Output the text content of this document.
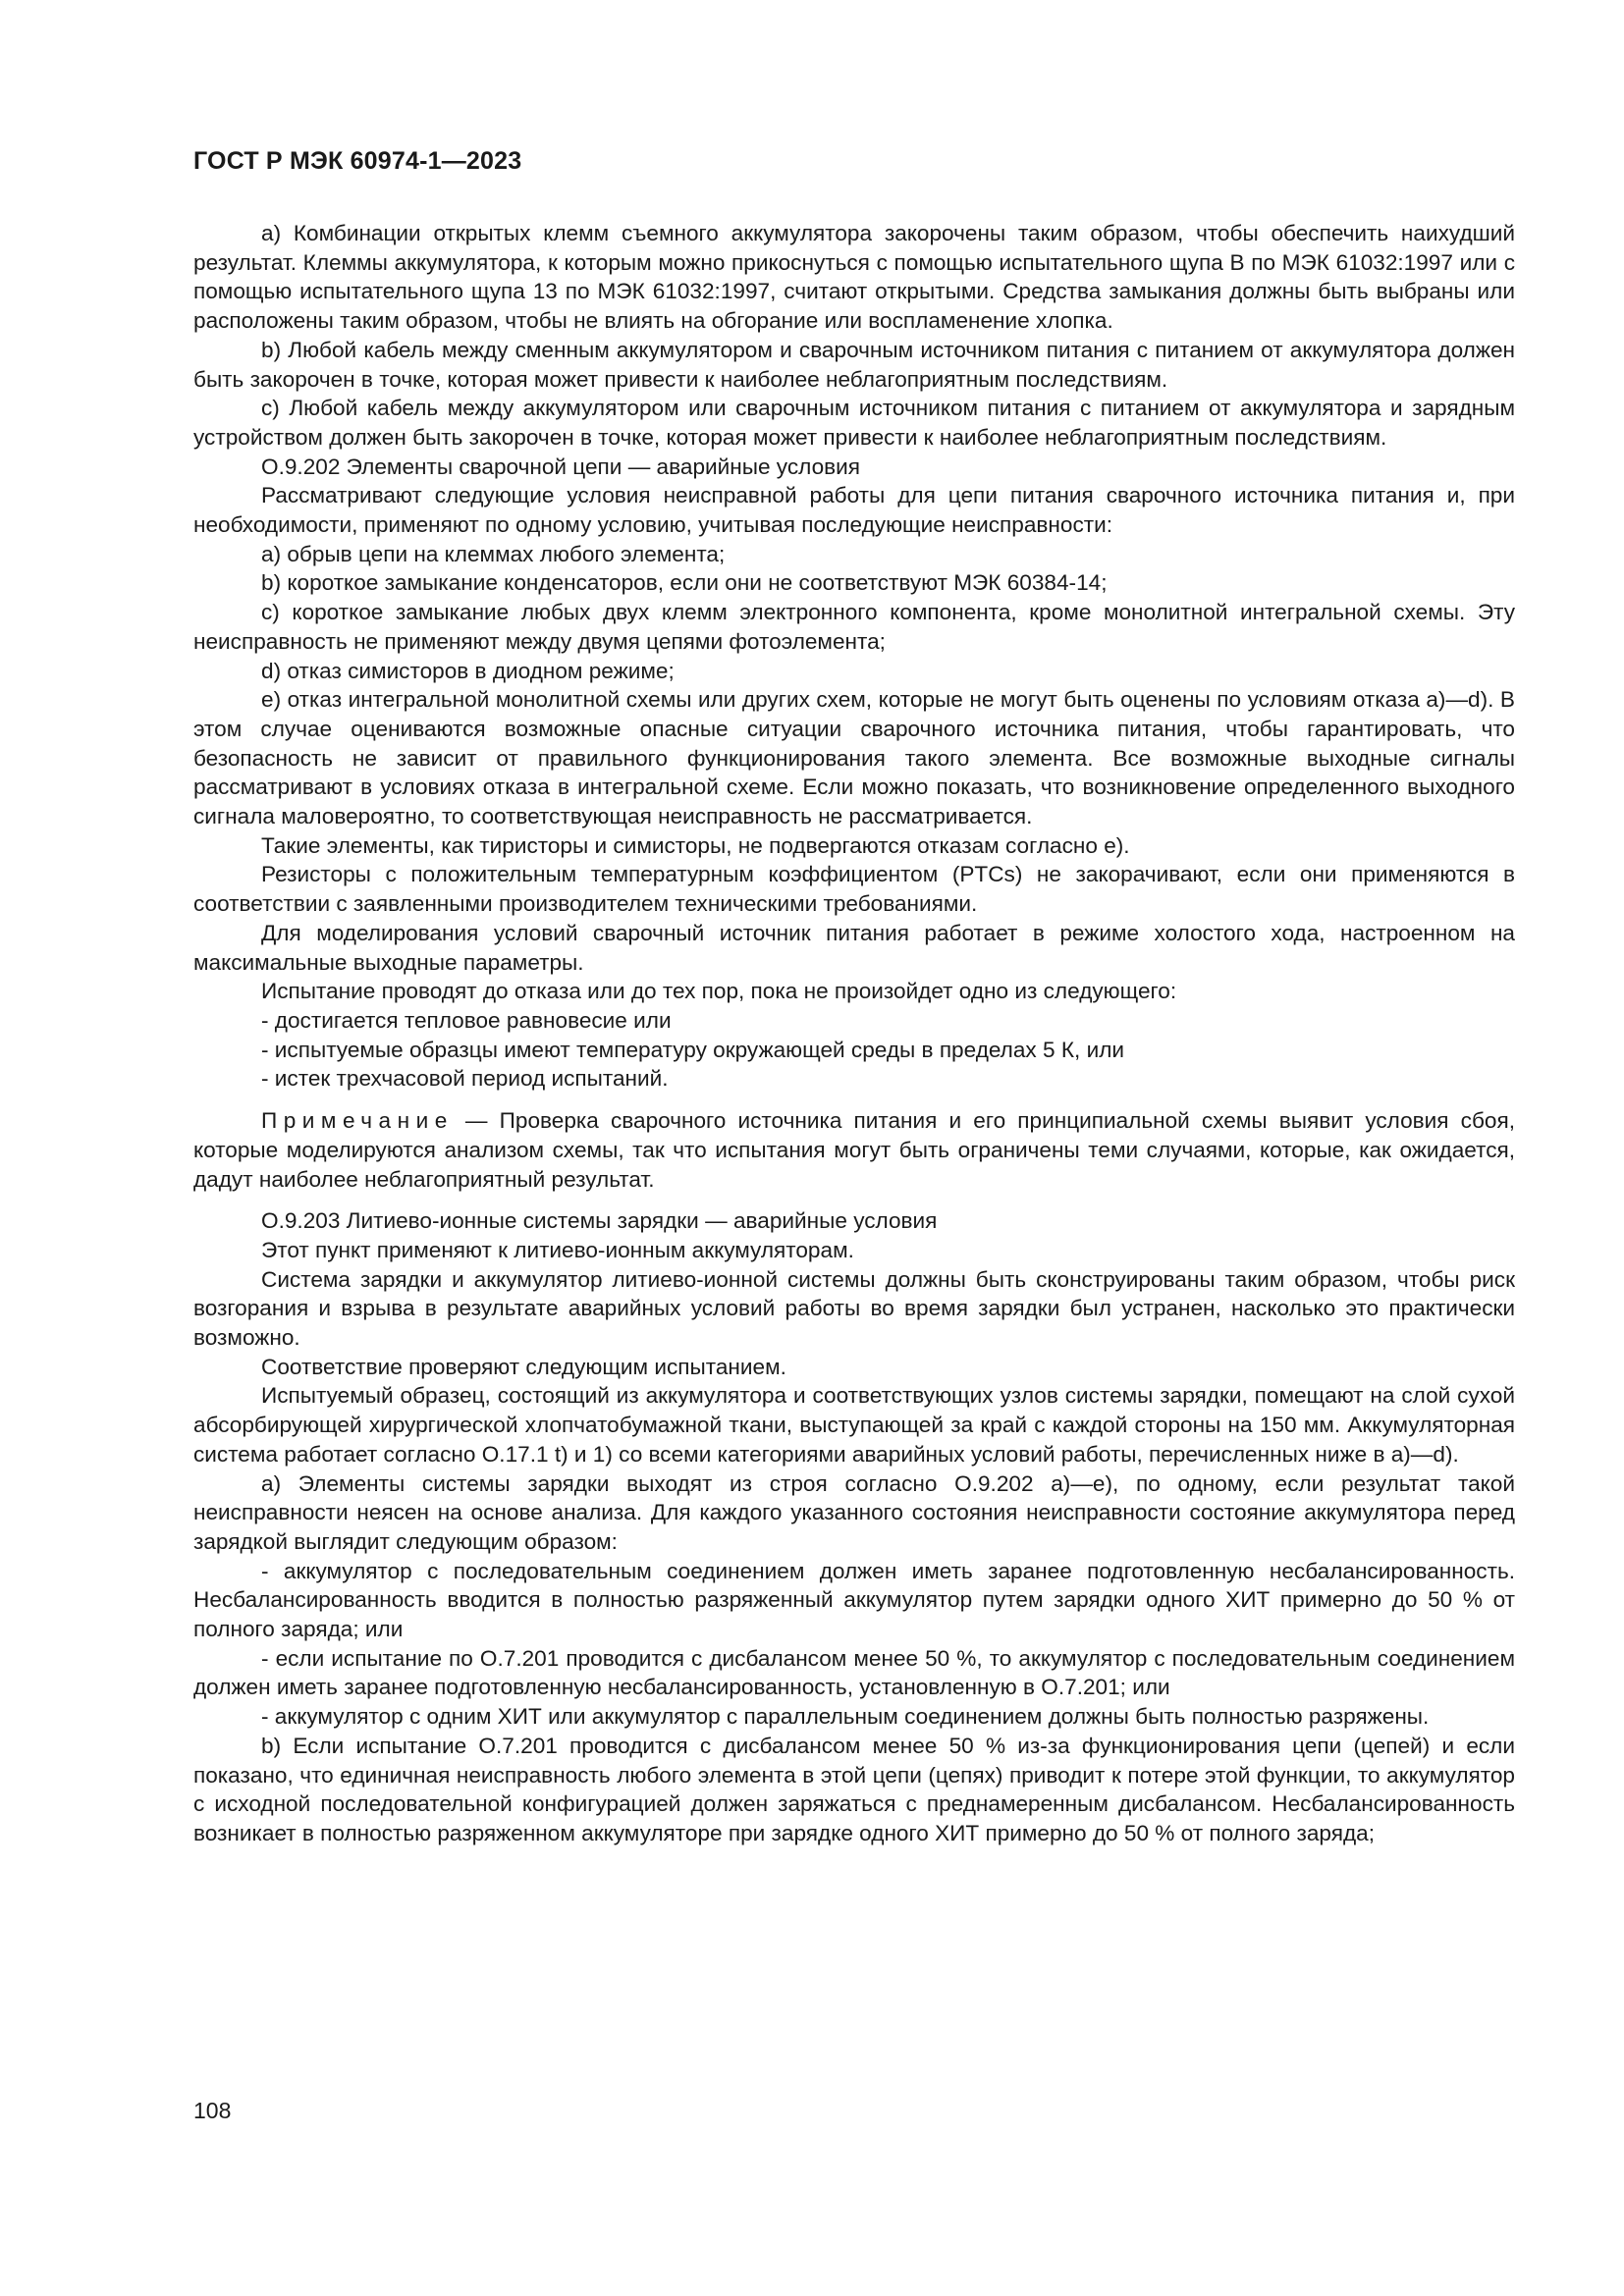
ГОСТ Р МЭК 60974-1—2023

а) Комбинации открытых клемм съемного аккумулятора закорочены таким образом, чтобы обеспечить наихудший результат. Клеммы аккумулятора, к которым можно прикоснуться с помощью испытательного щупа В по МЭК 61032:1997 или с помощью испытательного щупа 13 по МЭК 61032:1997, считают открытыми. Средства замыкания должны быть выбраны или расположены таким образом, чтобы не влиять на обгорание или воспламенение хлопка.

b) Любой кабель между сменным аккумулятором и сварочным источником питания с питанием от аккумулятора должен быть закорочен в точке, которая может привести к наиболее неблагоприятным последствиям.

с) Любой кабель между аккумулятором или сварочным источником питания с питанием от аккумулятора и зарядным устройством должен быть закорочен в точке, которая может привести к наиболее неблагоприятным последствиям.

О.9.202 Элементы сварочной цепи — аварийные условия

Рассматривают следующие условия неисправной работы для цепи питания сварочного источника питания и, при необходимости, применяют по одному условию, учитывая последующие неисправности:

a) обрыв цепи на клеммах любого элемента;

b) короткое замыкание конденсаторов, если они не соответствуют МЭК 60384-14;

c) короткое замыкание любых двух клемм электронного компонента, кроме монолитной интегральной схемы. Эту неисправность не применяют между двумя цепями фотоэлемента;

d) отказ симисторов в диодном режиме;

e) отказ интегральной монолитной схемы или других схем, которые не могут быть оценены по условиям отказа а)—d). В этом случае оцениваются возможные опасные ситуации сварочного источника питания, чтобы гарантировать, что безопасность не зависит от правильного функционирования такого элемента. Все возможные выходные сигналы рассматривают в условиях отказа в интегральной схеме. Если можно показать, что возникновение определенного выходного сигнала маловероятно, то соответствующая неисправность не рассматривается.

Такие элементы, как тиристоры и симисторы, не подвергаются отказам согласно е).

Резисторы с положительным температурным коэффициентом (PTCs) не закорачивают, если они применяются в соответствии с заявленными производителем техническими требованиями.

Для моделирования условий сварочный источник питания работает в режиме холостого хода, настроенном на максимальные выходные параметры.

Испытание проводят до отказа или до тех пор, пока не произойдет одно из следующего:

- достигается тепловое равновесие или

- испытуемые образцы имеют температуру окружающей среды в пределах 5 К, или

- истек трехчасовой период испытаний.

Примечание — Проверка сварочного источника питания и его принципиальной схемы выявит условия сбоя, которые моделируются анализом схемы, так что испытания могут быть ограничены теми случаями, которые, как ожидается, дадут наиболее неблагоприятный результат.

О.9.203 Литиево-ионные системы зарядки — аварийные условия

Этот пункт применяют к литиево-ионным аккумуляторам.

Система зарядки и аккумулятор литиево-ионной системы должны быть сконструированы таким образом, чтобы риск возгорания и взрыва в результате аварийных условий работы во время зарядки был устранен, насколько это практически возможно.

Соответствие проверяют следующим испытанием.

Испытуемый образец, состоящий из аккумулятора и соответствующих узлов системы зарядки, помещают на слой сухой абсорбирующей хирургической хлопчатобумажной ткани, выступающей за край с каждой стороны на 150 мм. Аккумуляторная система работает согласно О.17.1 t) и 1) со всеми категориями аварийных условий работы, перечисленных ниже в а)—d).

а) Элементы системы зарядки выходят из строя согласно О.9.202 а)—е), по одному, если результат такой неисправности неясен на основе анализа. Для каждого указанного состояния неисправности состояние аккумулятора перед зарядкой выглядит следующим образом:

- аккумулятор с последовательным соединением должен иметь заранее подготовленную несбалансированность. Несбалансированность вводится в полностью разряженный аккумулятор путем зарядки одного ХИТ примерно до 50 % от полного заряда; или

- если испытание по О.7.201 проводится с дисбалансом менее 50 %, то аккумулятор с последовательным соединением должен иметь заранее подготовленную несбалансированность, установленную в О.7.201; или

- аккумулятор с одним ХИТ или аккумулятор с параллельным соединением должны быть полностью разряжены.

b) Если испытание О.7.201 проводится с дисбалансом менее 50 % из-за функционирования цепи (цепей) и если показано, что единичная неисправность любого элемента в этой цепи (цепях) приводит к потере этой функции, то аккумулятор с исходной последовательной конфигурацией должен заряжаться с преднамеренным дисбалансом. Несбалансированность возникает в полностью разряженном аккумуляторе при зарядке одного ХИТ примерно до 50 % от полного заряда;

108
